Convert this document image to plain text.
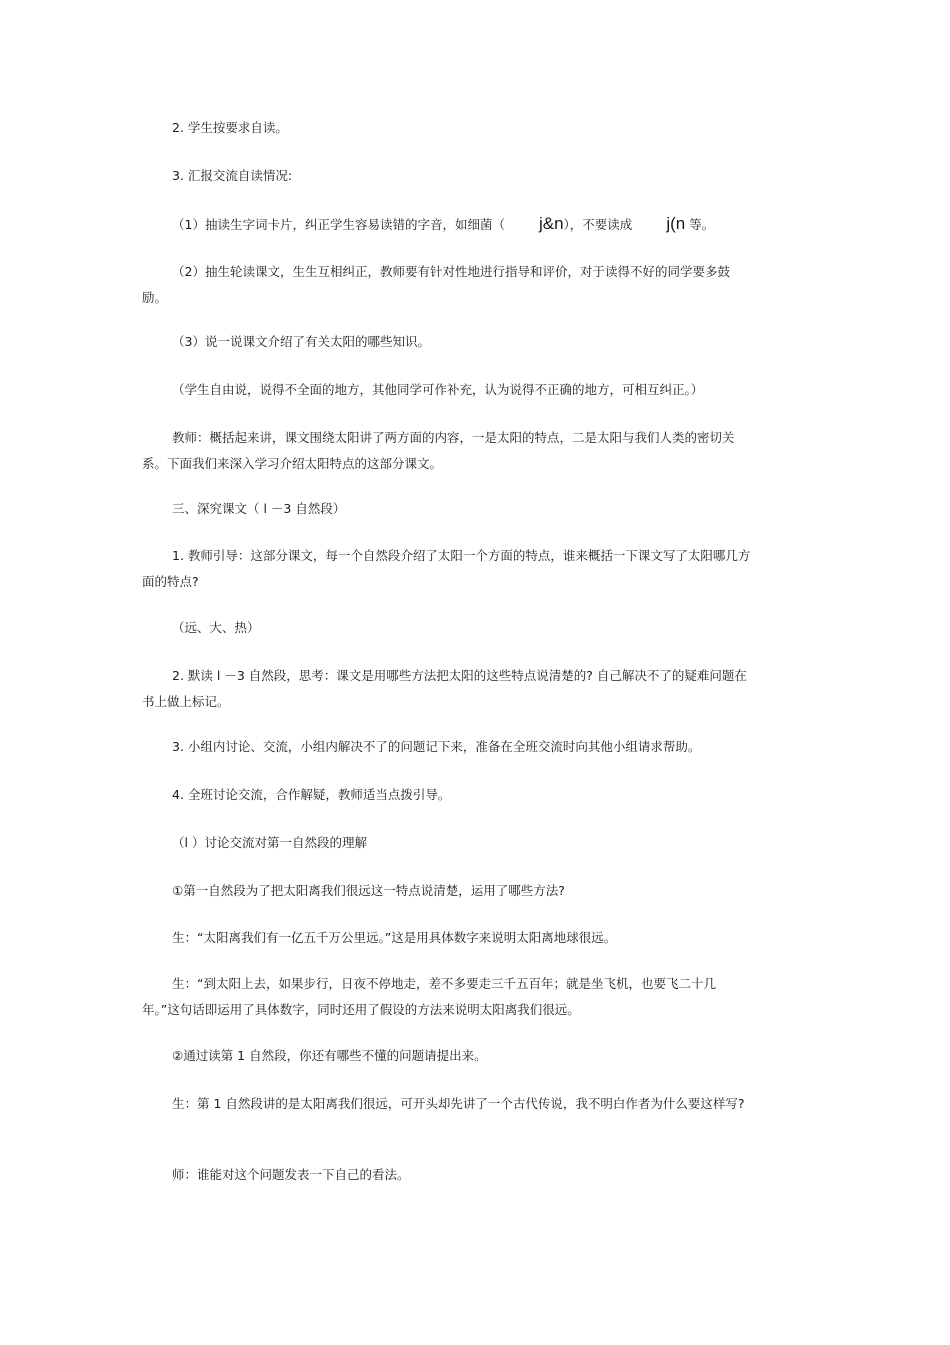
2. 学生按要求自读。

3. 汇报交流自读情况:

（1）抽读生字词卡片，纠正学生容易读错的字音，如细菌（ j&n），不要读成 j(n 等。

（2）抽生轮读课文，生生互相纠正，教师要有针对性地进行指导和评价，对于读得不好的同学要多鼓励。

（3）说一说课文介绍了有关太阳的哪些知识。

（学生自由说，说得不全面的地方，其他同学可作补充，认为说得不正确的地方，可相互纠正。）

教师：概括起来讲，课文围绕太阳讲了两方面的内容，一是太阳的特点，二是太阳与我们人类的密切关系。下面我们来深入学习介绍太阳特点的这部分课文。

三、深究课文（ l －3 自然段）

1. 教师引导：这部分课文，每一个自然段介绍了太阳一个方面的特点，谁来概括一下课文写了太阳哪几方面的特点?

（远、大、热）

2. 默读 l －3 自然段，思考：课文是用哪些方法把太阳的这些特点说清楚的? 自己解决不了的疑难问题在书上做上标记。

3. 小组内讨论、交流，小组内解决不了的问题记下来，准备在全班交流时向其他小组请求帮助。

4. 全班讨论交流，合作解疑，教师适当点拨引导。

（l ）讨论交流对第一自然段的理解

①第一自然段为了把太阳离我们很远这一特点说清楚，运用了哪些方法?

生：“太阳离我们有一亿五千万公里远。”这是用具体数字来说明太阳离地球很远。

生：“到太阳上去，如果步行，日夜不停地走，差不多要走三千五百年；就是坐飞机，也要飞二十几年。”这句话即运用了具体数字，同时还用了假设的方法来说明太阳离我们很远。

②通过读第 1 自然段，你还有哪些不懂的问题请提出来。

生：第 1 自然段讲的是太阳离我们很远，可开头却先讲了一个古代传说，我不明白作者为什么要这样写?

师：谁能对这个问题发表一下自己的看法。
